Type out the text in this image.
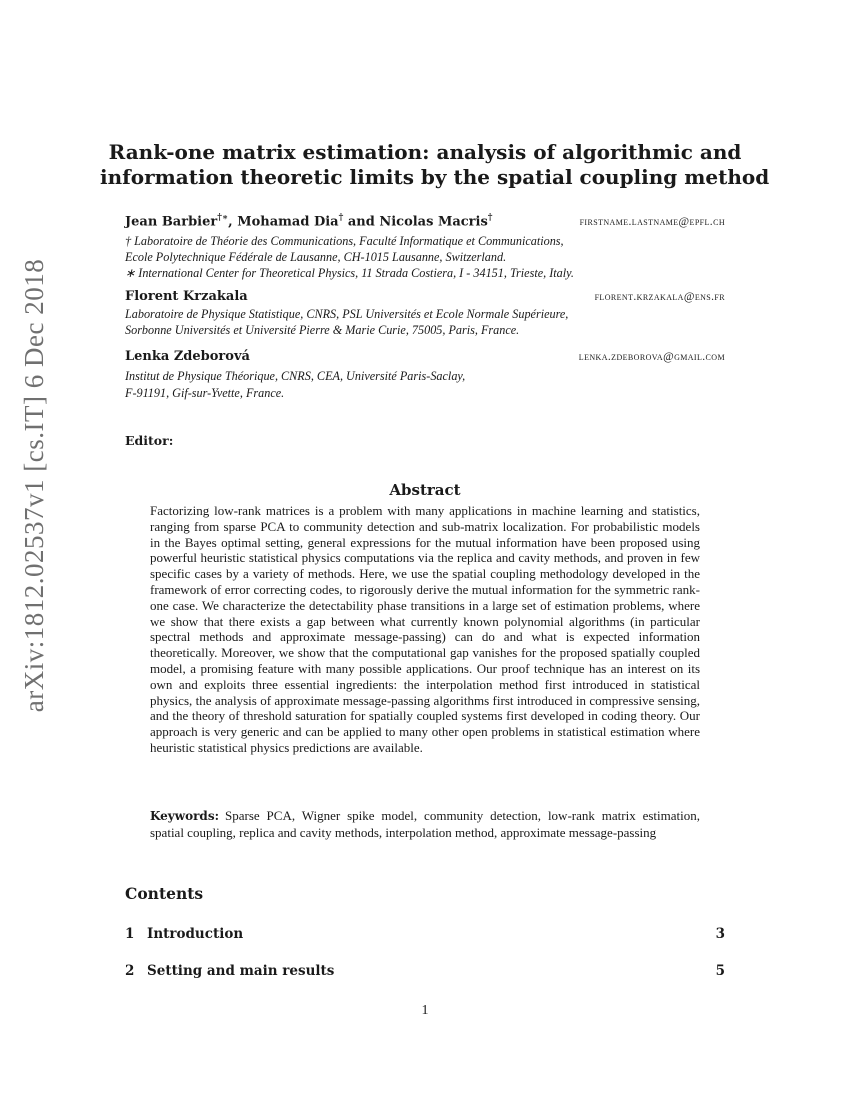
arXiv:1812.02537v1 [cs.IT] 6 Dec 2018
Rank-one matrix estimation: analysis of algorithmic and
information theoretic limits by the spatial coupling method
Jean Barbier†∗, Mohamad Dia† and Nicolas Macris†	firstname.lastname@epfl.ch
† Laboratoire de Théorie des Communications, Faculté Informatique et Communications,
Ecole Polytechnique Fédérale de Lausanne, CH-1015 Lausanne, Switzerland.
∗ International Center for Theoretical Physics, 11 Strada Costiera, I - 34151, Trieste, Italy.
Florent Krzakala	florent.krzakala@ens.fr
Laboratoire de Physique Statistique, CNRS, PSL Universités et Ecole Normale Supérieure,
Sorbonne Universités et Université Pierre & Marie Curie, 75005, Paris, France.
Lenka Zdeborová	lenka.zdeborova@gmail.com
Institut de Physique Théorique, CNRS, CEA, Université Paris-Saclay,
F-91191, Gif-sur-Yvette, France.
Editor:
Abstract
Factorizing low-rank matrices is a problem with many applications in machine learning and statistics, ranging from sparse PCA to community detection and sub-matrix localization. For probabilistic models in the Bayes optimal setting, general expressions for the mutual information have been proposed using powerful heuristic statistical physics computations via the replica and cavity methods, and proven in few specific cases by a variety of methods. Here, we use the spatial coupling methodology developed in the framework of error correcting codes, to rigorously derive the mutual information for the symmetric rank-one case. We characterize the detectability phase transitions in a large set of estimation problems, where we show that there exists a gap between what currently known polynomial algorithms (in particular spectral methods and approximate message-passing) can do and what is expected information theoretically. Moreover, we show that the computational gap vanishes for the proposed spatially coupled model, a promising feature with many possible applications. Our proof technique has an interest on its own and exploits three essential ingredients: the interpolation method first introduced in statistical physics, the analysis of approximate message-passing algorithms first introduced in compressive sensing, and the theory of threshold saturation for spatially coupled systems first developed in coding theory. Our approach is very generic and can be applied to many other open problems in statistical estimation where heuristic statistical physics predictions are available.
Keywords: Sparse PCA, Wigner spike model, community detection, low-rank matrix estimation, spatial coupling, replica and cavity methods, interpolation method, approximate message-passing
Contents
1 Introduction	3
2 Setting and main results	5
1
